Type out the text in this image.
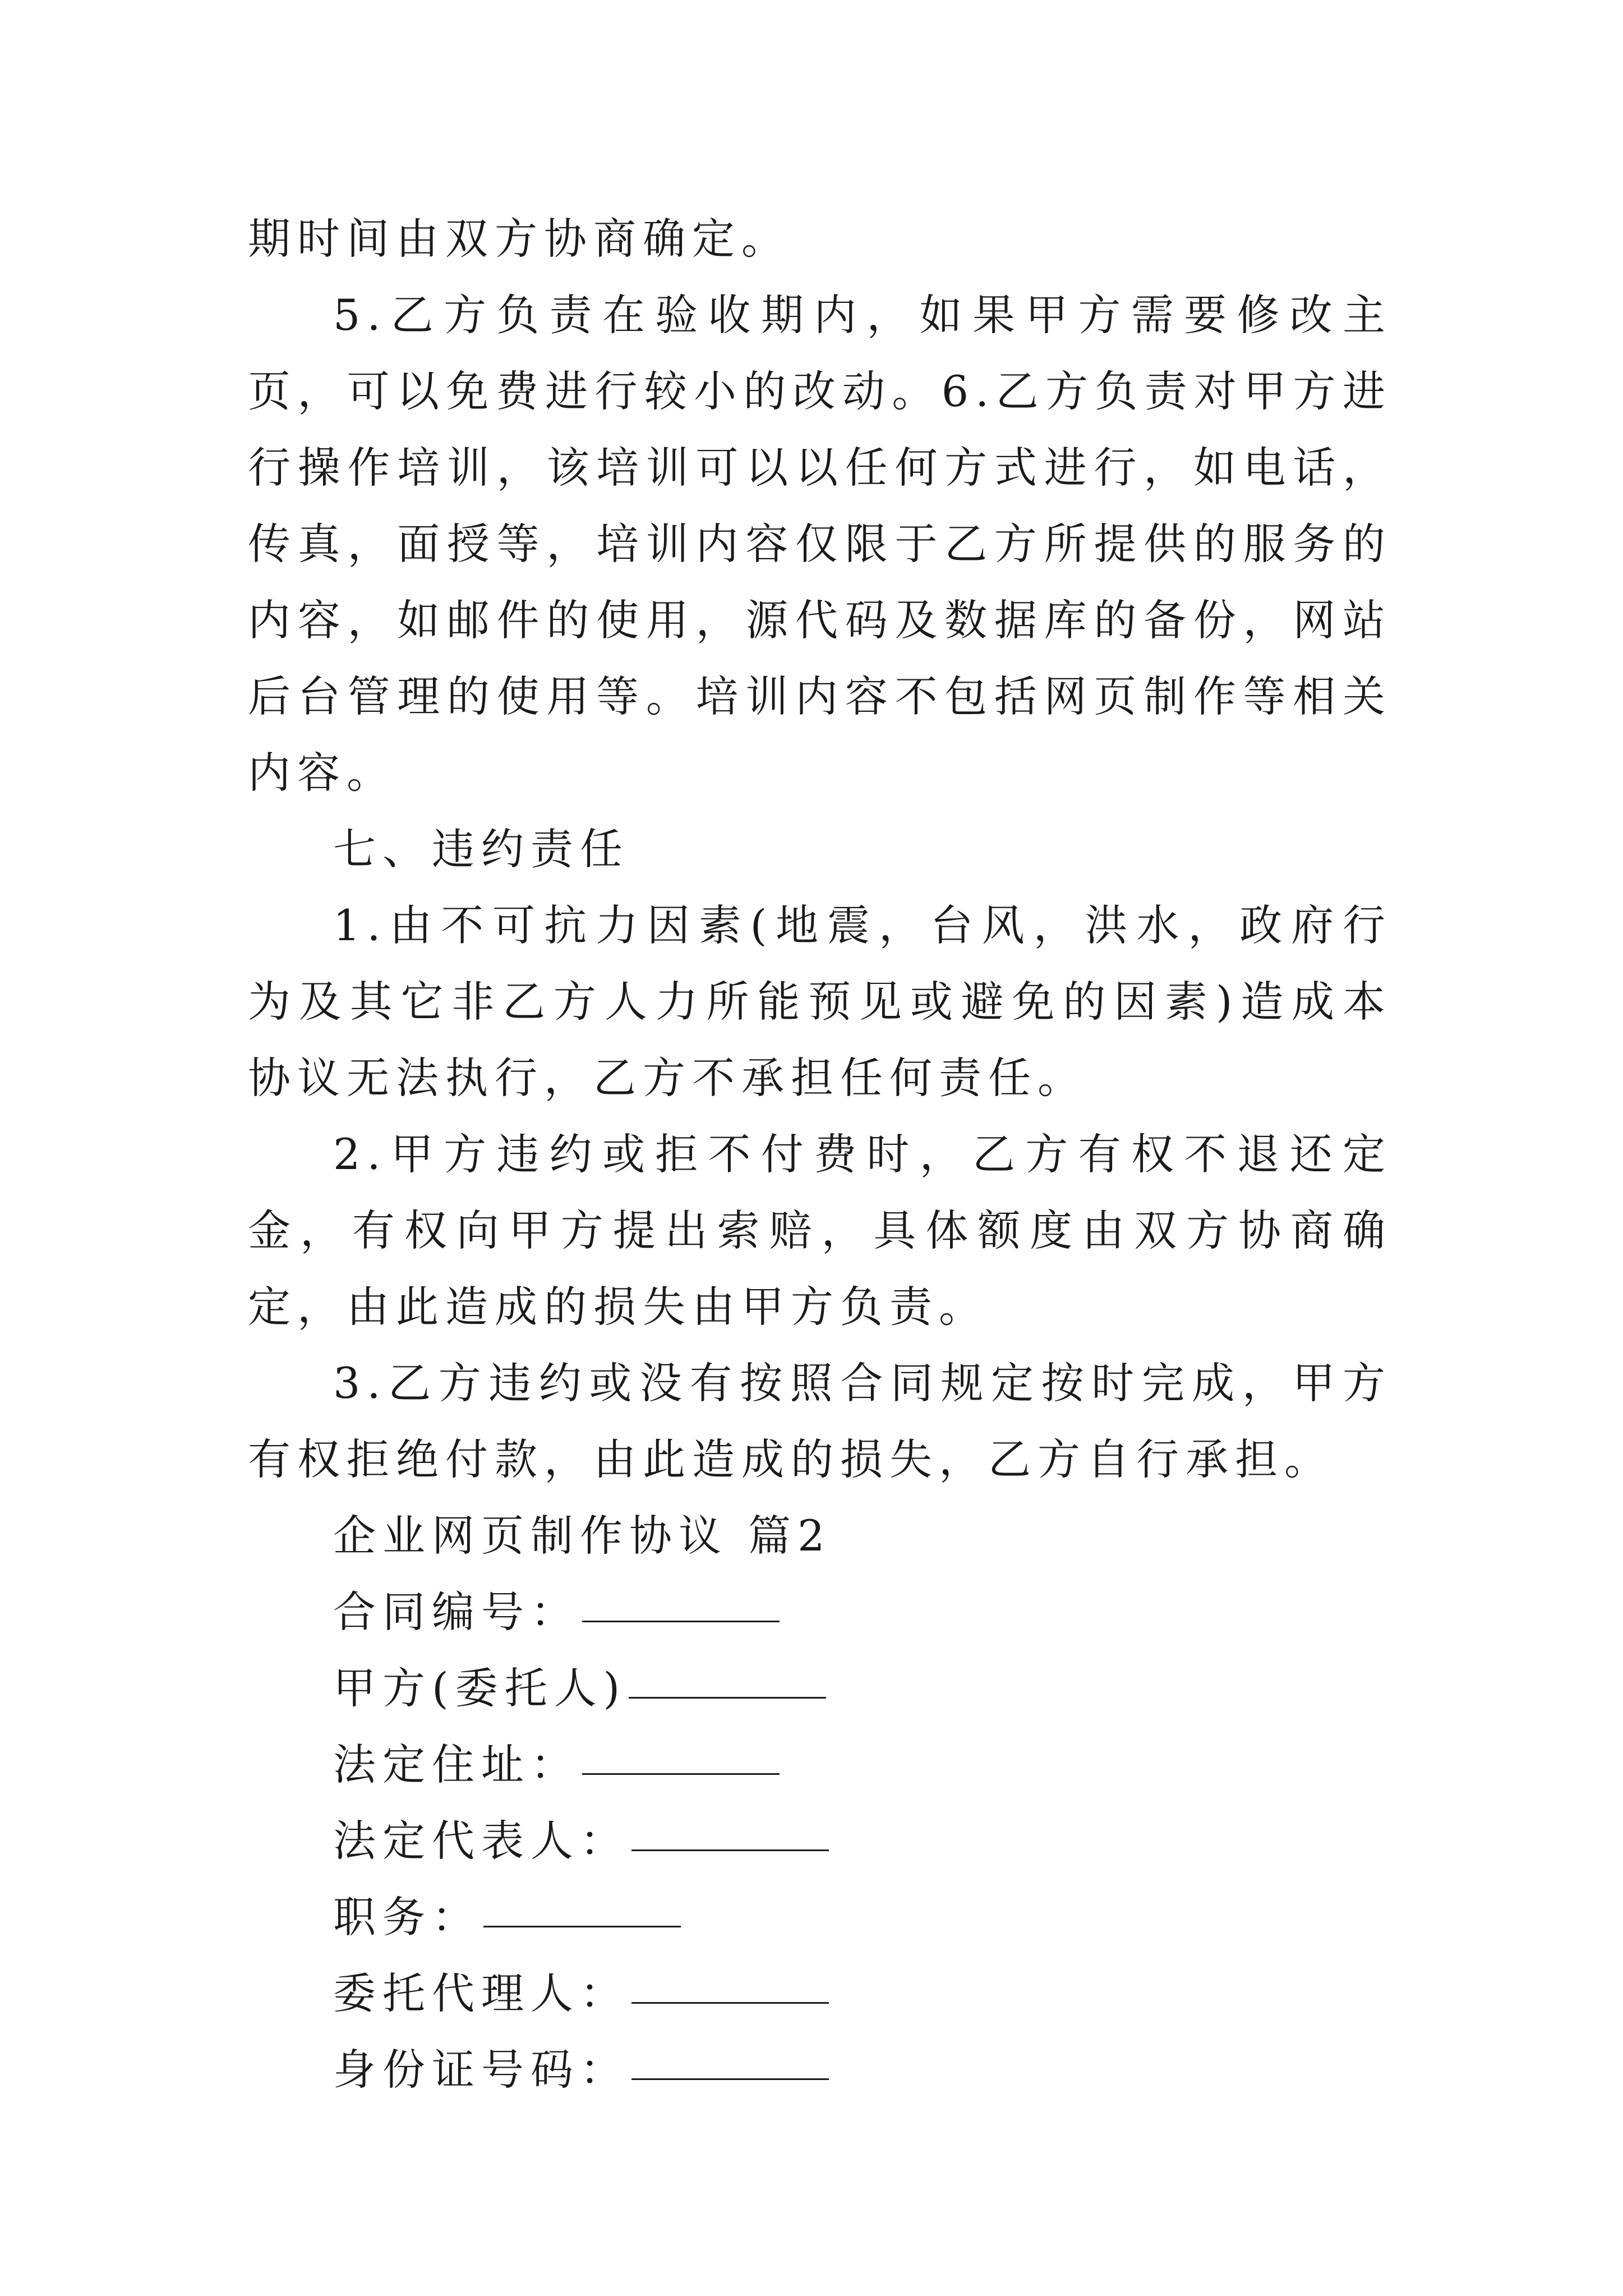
期时间由双方协商确定。

5.乙方负责在验收期内，如果甲方需要修改主页，可以免费进行较小的改动。6.乙方负责对甲方进行操作培训，该培训可以以任何方式进行，如电话，传真，面授等，培训内容仅限于乙方所提供的服务的内容，如邮件的使用，源代码及数据库的备份，网站后台管理的使用等。培训内容不包括网页制作等相关内容。

七、违约责任

1.由不可抗力因素(地震，台风，洪水，政府行为及其它非乙方人力所能预见或避免的因素)造成本协议无法执行，乙方不承担任何责任。

2.甲方违约或拒不付费时，乙方有权不退还定金，有权向甲方提出索赔，具体额度由双方协商确定，由此造成的损失由甲方负责。

3.乙方违约或没有按照合同规定按时完成，甲方有权拒绝付款，由此造成的损失，乙方自行承担。

企业网页制作协议 篇2

合同编号：

甲方(委托人)

法定住址：

法定代表人：

职务：

委托代理人：

身份证号码：
